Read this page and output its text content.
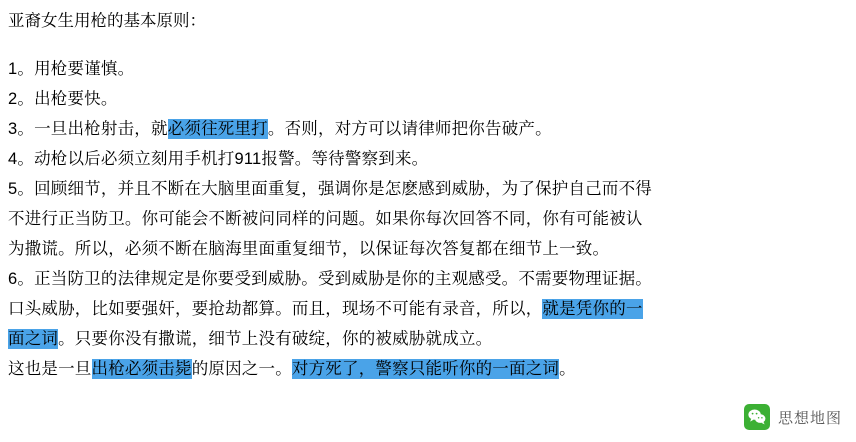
亚裔女生用枪的基本原则：
1。用枪要谨慎。
2。出枪要快。
3。一旦出枪射击，就必须往死里打。否则，对方可以请律师把你告破产。
4。动枪以后必须立刻用手机打911报警。等待警察到来。
5。回顾细节，并且不断在大脑里面重复，强调你是怎麽感到威胁，为了保护自己而不得
不进行正当防卫。你可能会不断被问同样的问题。如果你每次回答不同，你有可能被认
为撒谎。所以，必须不断在脑海里面重复细节，以保证每次答复都在细节上一致。
6。正当防卫的法律规定是你要受到威胁。受到威胁是你的主观感受。不需要物理证据。
口头威胁，比如要强奸，要抢劫都算。而且，现场不可能有录音，所以，就是凭你的一
面之词。只要你没有撒谎，细节上没有破绽，你的被威胁就成立。
这也是一旦出枪必须击毙的原因之一。对方死了，警察只能听你的一面之词。
思想地图
